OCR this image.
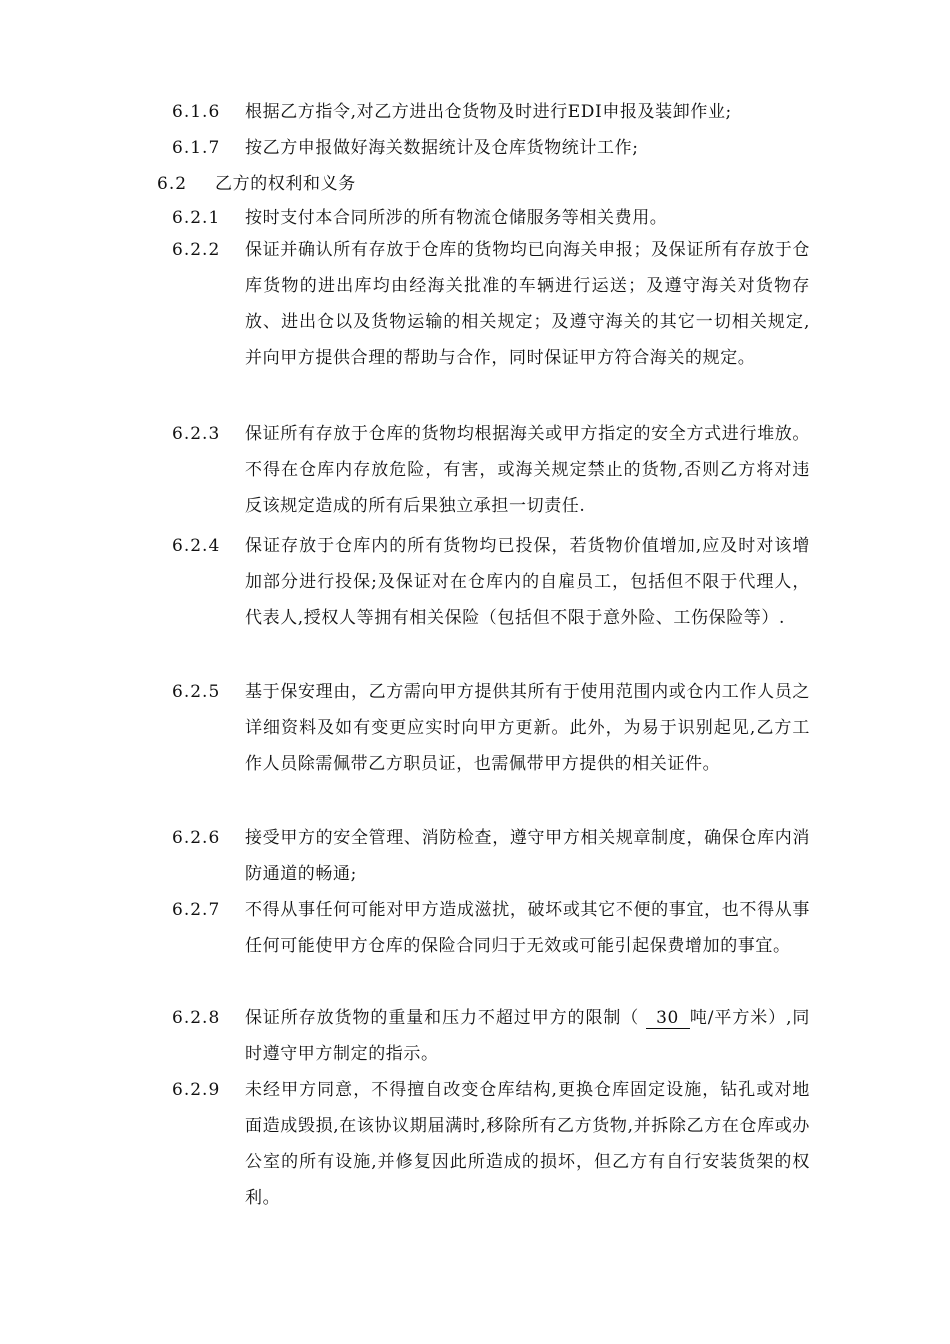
6.1.6 根据乙方指令,对乙方进出仓货物及时进行EDI申报及装卸作业;
6.1.7 按乙方申报做好海关数据统计及仓库货物统计工作;
6.2 乙方的权利和义务
6.2.1 按时支付本合同所涉的所有物流仓储服务等相关费用。
6.2.2 保证并确认所有存放于仓库的货物均已向海关申报；及保证所有存放于仓库货物的进出库均由经海关批准的车辆进行运送；及遵守海关对货物存放、进出仓以及货物运输的相关规定；及遵守海关的其它一切相关规定,并向甲方提供合理的帮助与合作，同时保证甲方符合海关的规定。
6.2.3 保证所有存放于仓库的货物均根据海关或甲方指定的安全方式进行堆放。不得在仓库内存放危险，有害，或海关规定禁止的货物,否则乙方将对违反该规定造成的所有后果独立承担一切责任.
6.2.4 保证存放于仓库内的所有货物均已投保，若货物价值增加,应及时对该增加部分进行投保;及保证对在仓库内的自雇员工，包括但不限于代理人，代表人,授权人等拥有相关保险（包括但不限于意外险、工伤保险等）.
6.2.5 基于保安理由，乙方需向甲方提供其所有于使用范围内或仓内工作人员之详细资料及如有变更应实时向甲方更新。此外，为易于识别起见,乙方工作人员除需佩带乙方职员证，也需佩带甲方提供的相关证件。
6.2.6 接受甲方的安全管理、消防检查，遵守甲方相关规章制度，确保仓库内消防通道的畅通;
6.2.7 不得从事任何可能对甲方造成滋扰，破坏或其它不便的事宜，也不得从事任何可能使甲方仓库的保险合同归于无效或可能引起保费增加的事宜。
6.2.8 保证所存放货物的重量和压力不超过甲方的限制（ 30 吨/平方米）,同时遵守甲方制定的指示。
6.2.9 未经甲方同意，不得擅自改变仓库结构,更换仓库固定设施，钻孔或对地面造成毁损,在该协议期届满时,移除所有乙方货物,并拆除乙方在仓库或办公室的所有设施,并修复因此所造成的损坏，但乙方有自行安装货架的权利。
